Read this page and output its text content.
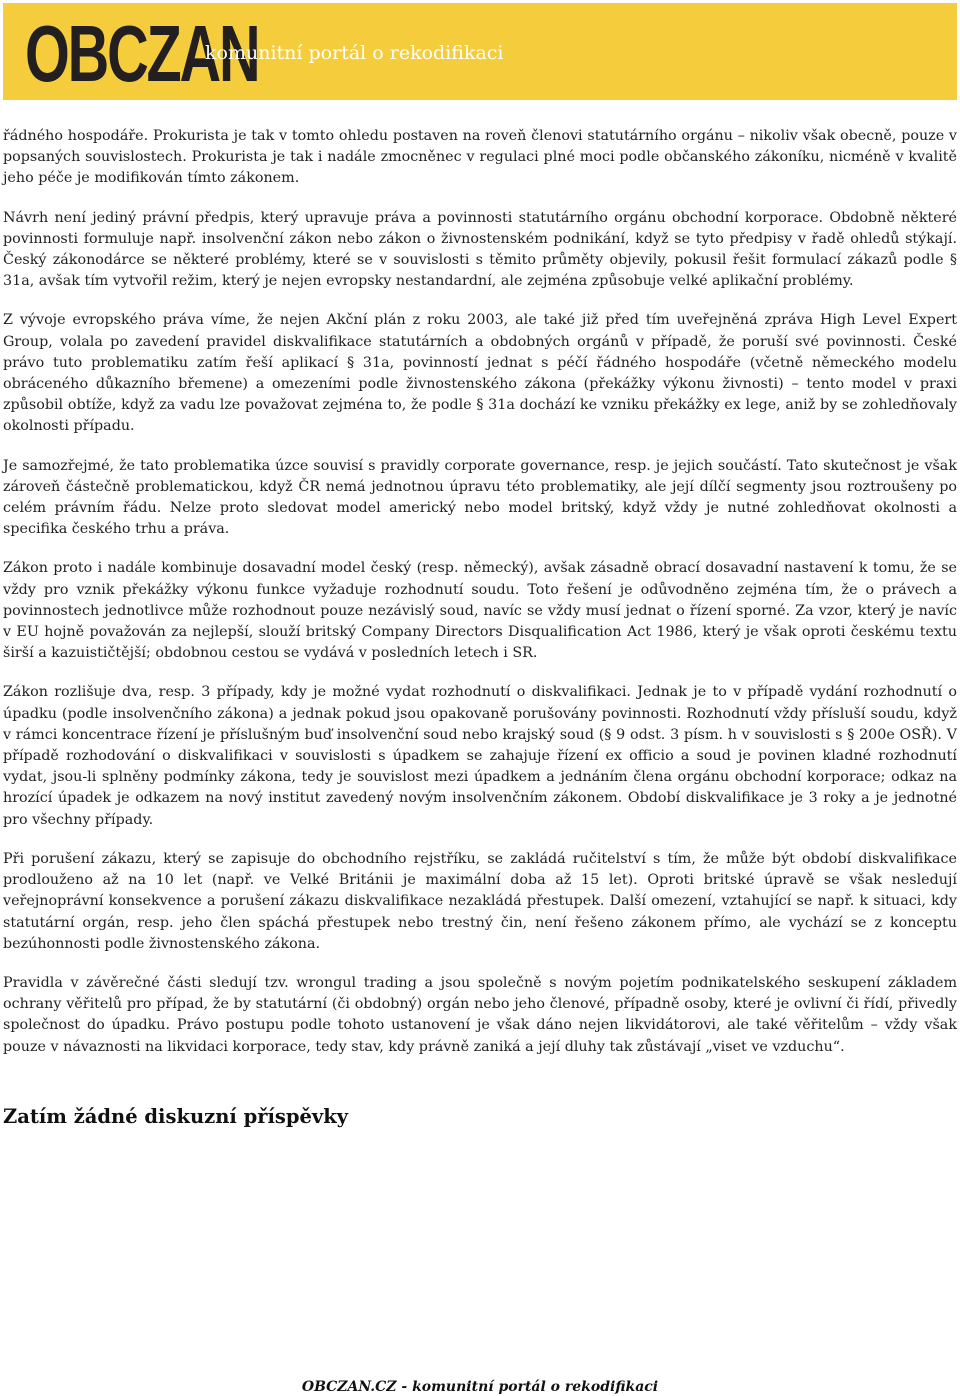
OBCZAN
komunitní portál o rekodifikaci

řádného hospodáře. Prokurista je tak v tomto ohledu postaven na roveň členovi statutárního orgánu – nikoliv však obecně, pouze v popsaných souvislostech. Prokurista je tak i nadále zmocněnec v regulaci plné moci podle občanského zákoníku, nicméně v kvalitě jeho péče je modifikován tímto zákonem.

Návrh není jediný právní předpis, který upravuje práva a povinnosti statutárního orgánu obchodní korporace. Obdobně některé povinnosti formuluje např. insolvenční zákon nebo zákon o živnostenském podnikání, když se tyto předpisy v řadě ohledů stýkají. Český zákonodárce se některé problémy, které se v souvislosti s těmito průměty objevily, pokusil řešit formulací zákazů podle § 31a, avšak tím vytvořil režim, který je nejen evropsky nestandardní, ale zejména způsobuje velké aplikační problémy.

Z vývoje evropského práva víme, že nejen Akční plán z roku 2003, ale také již před tím uveřejněná zpráva High Level Expert Group, volala po zavedení pravidel diskvalifikace statutárních a obdobných orgánů v případě, že poruší své povinnosti. České právo tuto problematiku zatím řeší aplikací § 31a, povinností jednat s péčí řádného hospodáře (včetně německého modelu obráceného důkazního břemene) a omezeními podle živnostenského zákona (překážky výkonu živnosti) – tento model v praxi způsobil obtíže, když za vadu lze považovat zejména to, že podle § 31a dochází ke vzniku překážky ex lege, aniž by se zohledňovaly okolnosti případu.

Je samozřejmé, že tato problematika úzce souvisí s pravidly corporate governance, resp. je jejich součástí. Tato skutečnost je však zároveň částečně problematickou, když ČR nemá jednotnou úpravu této problematiky, ale její dílčí segmenty jsou roztroušeny po celém právním řádu. Nelze proto sledovat model americký nebo model britský, když vždy je nutné zohledňovat okolnosti a specifika českého trhu a práva.

Zákon proto i nadále kombinuje dosavadní model český (resp. německý), avšak zásadně obrací dosavadní nastavení k tomu, že se vždy pro vznik překážky výkonu funkce vyžaduje rozhodnutí soudu. Toto řešení je odůvodněno zejména tím, že o právech a povinnostech jednotlivce může rozhodnout pouze nezávislý soud, navíc se vždy musí jednat o řízení sporné. Za vzor, který je navíc v EU hojně považován za nejlepší, slouží britský Company Directors Disqualification Act 1986, který je však oproti českému textu širší a kazuističtější; obdobnou cestou se vydává v posledních letech i SR.

Zákon rozlišuje dva, resp. 3 případy, kdy je možné vydat rozhodnutí o diskvalifikaci. Jednak je to v případě vydání rozhodnutí o úpadku (podle insolvenčního zákona) a jednak pokud jsou opakovaně porušovány povinnosti. Rozhodnutí vždy přísluší soudu, když v rámci koncentrace řízení je příslušným buď insolvenční soud nebo krajský soud (§ 9 odst. 3 písm. h v souvislosti s § 200e OSŘ). V případě rozhodování o diskvalifikaci v souvislosti s úpadkem se zahajuje řízení ex officio a soud je povinen kladné rozhodnutí vydat, jsou-li splněny podmínky zákona, tedy je souvislost mezi úpadkem a jednáním člena orgánu obchodní korporace; odkaz na hrozící úpadek je odkazem na nový institut zavedený novým insolvenčním zákonem. Období diskvalifikace je 3 roky a je jednotné pro všechny případy.

Při porušení zákazu, který se zapisuje do obchodního rejstříku, se zakládá ručitelství s tím, že může být období diskvalifikace prodlouženo až na 10 let (např. ve Velké Británii je maximální doba až 15 let). Oproti britské úpravě se však nesledují veřejnoprávní konsekvence a porušení zákazu diskvalifikace nezakládá přestupek. Další omezení, vztahující se např. k situaci, kdy statutární orgán, resp. jeho člen spáchá přestupek nebo trestný čin, není řešeno zákonem přímo, ale vychází se z konceptu bezúhonnosti podle živnostenského zákona.

Pravidla v závěrečné části sledují tzv. wrongul trading a jsou společně s novým pojetím podnikatelského seskupení základem ochrany věřitelů pro případ, že by statutární (či obdobný) orgán nebo jeho členové, případně osoby, které je ovlivní či řídí, přivedly společnost do úpadku. Právo postupu podle tohoto ustanovení je však dáno nejen likvidátorovi, ale také věřitelům – vždy však pouze v návaznosti na likvidaci korporace, tedy stav, kdy právně zaniká a její dluhy tak zůstávají „viset ve vzduchu“.

Zatím žádné diskuzní příspěvky
OBCZAN.CZ - komunitní portál o rekodifikaci
